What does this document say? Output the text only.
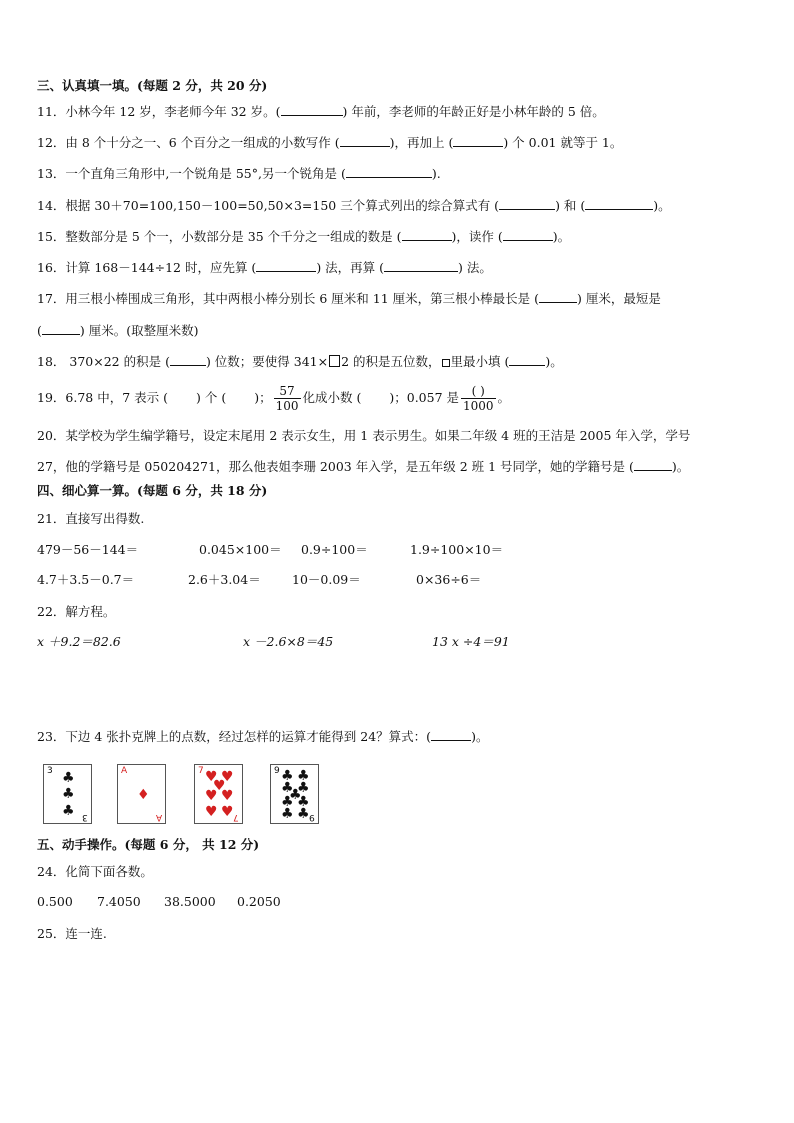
三、认真填一填。(每题 2 分，共 20 分)
11．小林今年 12 岁，李老师今年 32 岁。(	) 年前，李老师的年龄正好是小林年龄的 5 倍。
12．由 8 个十分之一、6 个百分之一组成的小数写作 (	)，再加上 (	) 个 0.01 就等于 1。
13．一个直角三角形中,一个锐角是 55°,另一个锐角是 (	).
14．根据 30＋70=100,150－100=50,50×3=150 三个算式列出的综合算式有 (	) 和 (	)。
15．整数部分是 5 个一，小数部分是 35 个千分之一组成的数是 (	)，读作 (	)。
16．计算 168－144÷12 时，应先算 (	) 法，再算 (	) 法。
17．用三根小棒围成三角形，其中两根小棒分别长 6 厘米和 11 厘米，第三根小棒最长是 (	) 厘米，最短是
(	) 厘米。(取整厘米数)
18． 370×22 的积是 (	) 位数；要使得 341× 2 的积是五位数， 里最小填 (	)。
19．6.78 中，7 表示 ( ) 个 ( )； $\frac{57}{100}$ 化成小数 ( )；0.057 是 $\frac{( )}{1000}$ 。
20．某学校为学生编学籍号，设定末尾用 2 表示女生，用 1 表示男生。如果二年级 4 班的王洁是 2005 年入学，学号
27，他的学籍号是 050204271，那么他表姐李珊 2003 年入学，是五年级 2 班 1 号同学，她的学籍号是 (	)。
四、细心算一算。(每题 6 分，共 18 分)
21．直接写出得数.
479－56－144＝	0.045×100＝ 0.9÷100＝	1.9÷100×10＝
4.7＋3.5－0.7＝	2.6＋3.04＝	10－0.09＝	0×36÷6＝
22．解方程。
x ＋9.2＝82.6	x －2.6×8＝45	13 x ÷4＝91
23．下边 4 张扑克牌上的点数，经过怎样的运算才能得到 24？算式：(	)。
3 ♣
♣
♣ 3
A
♦
A
7 ♥ ♥
♥
♥ ♥
♥ ♥ 7
9 ♣ ♣
♣ ♣
♣
♣ ♣
♣ ♣ 9
五、动手操作。(每题 6 分， 共 12 分)
24．化简下面各数。
0.500 7.4050 38.5000 0.2050
25．连一连.
